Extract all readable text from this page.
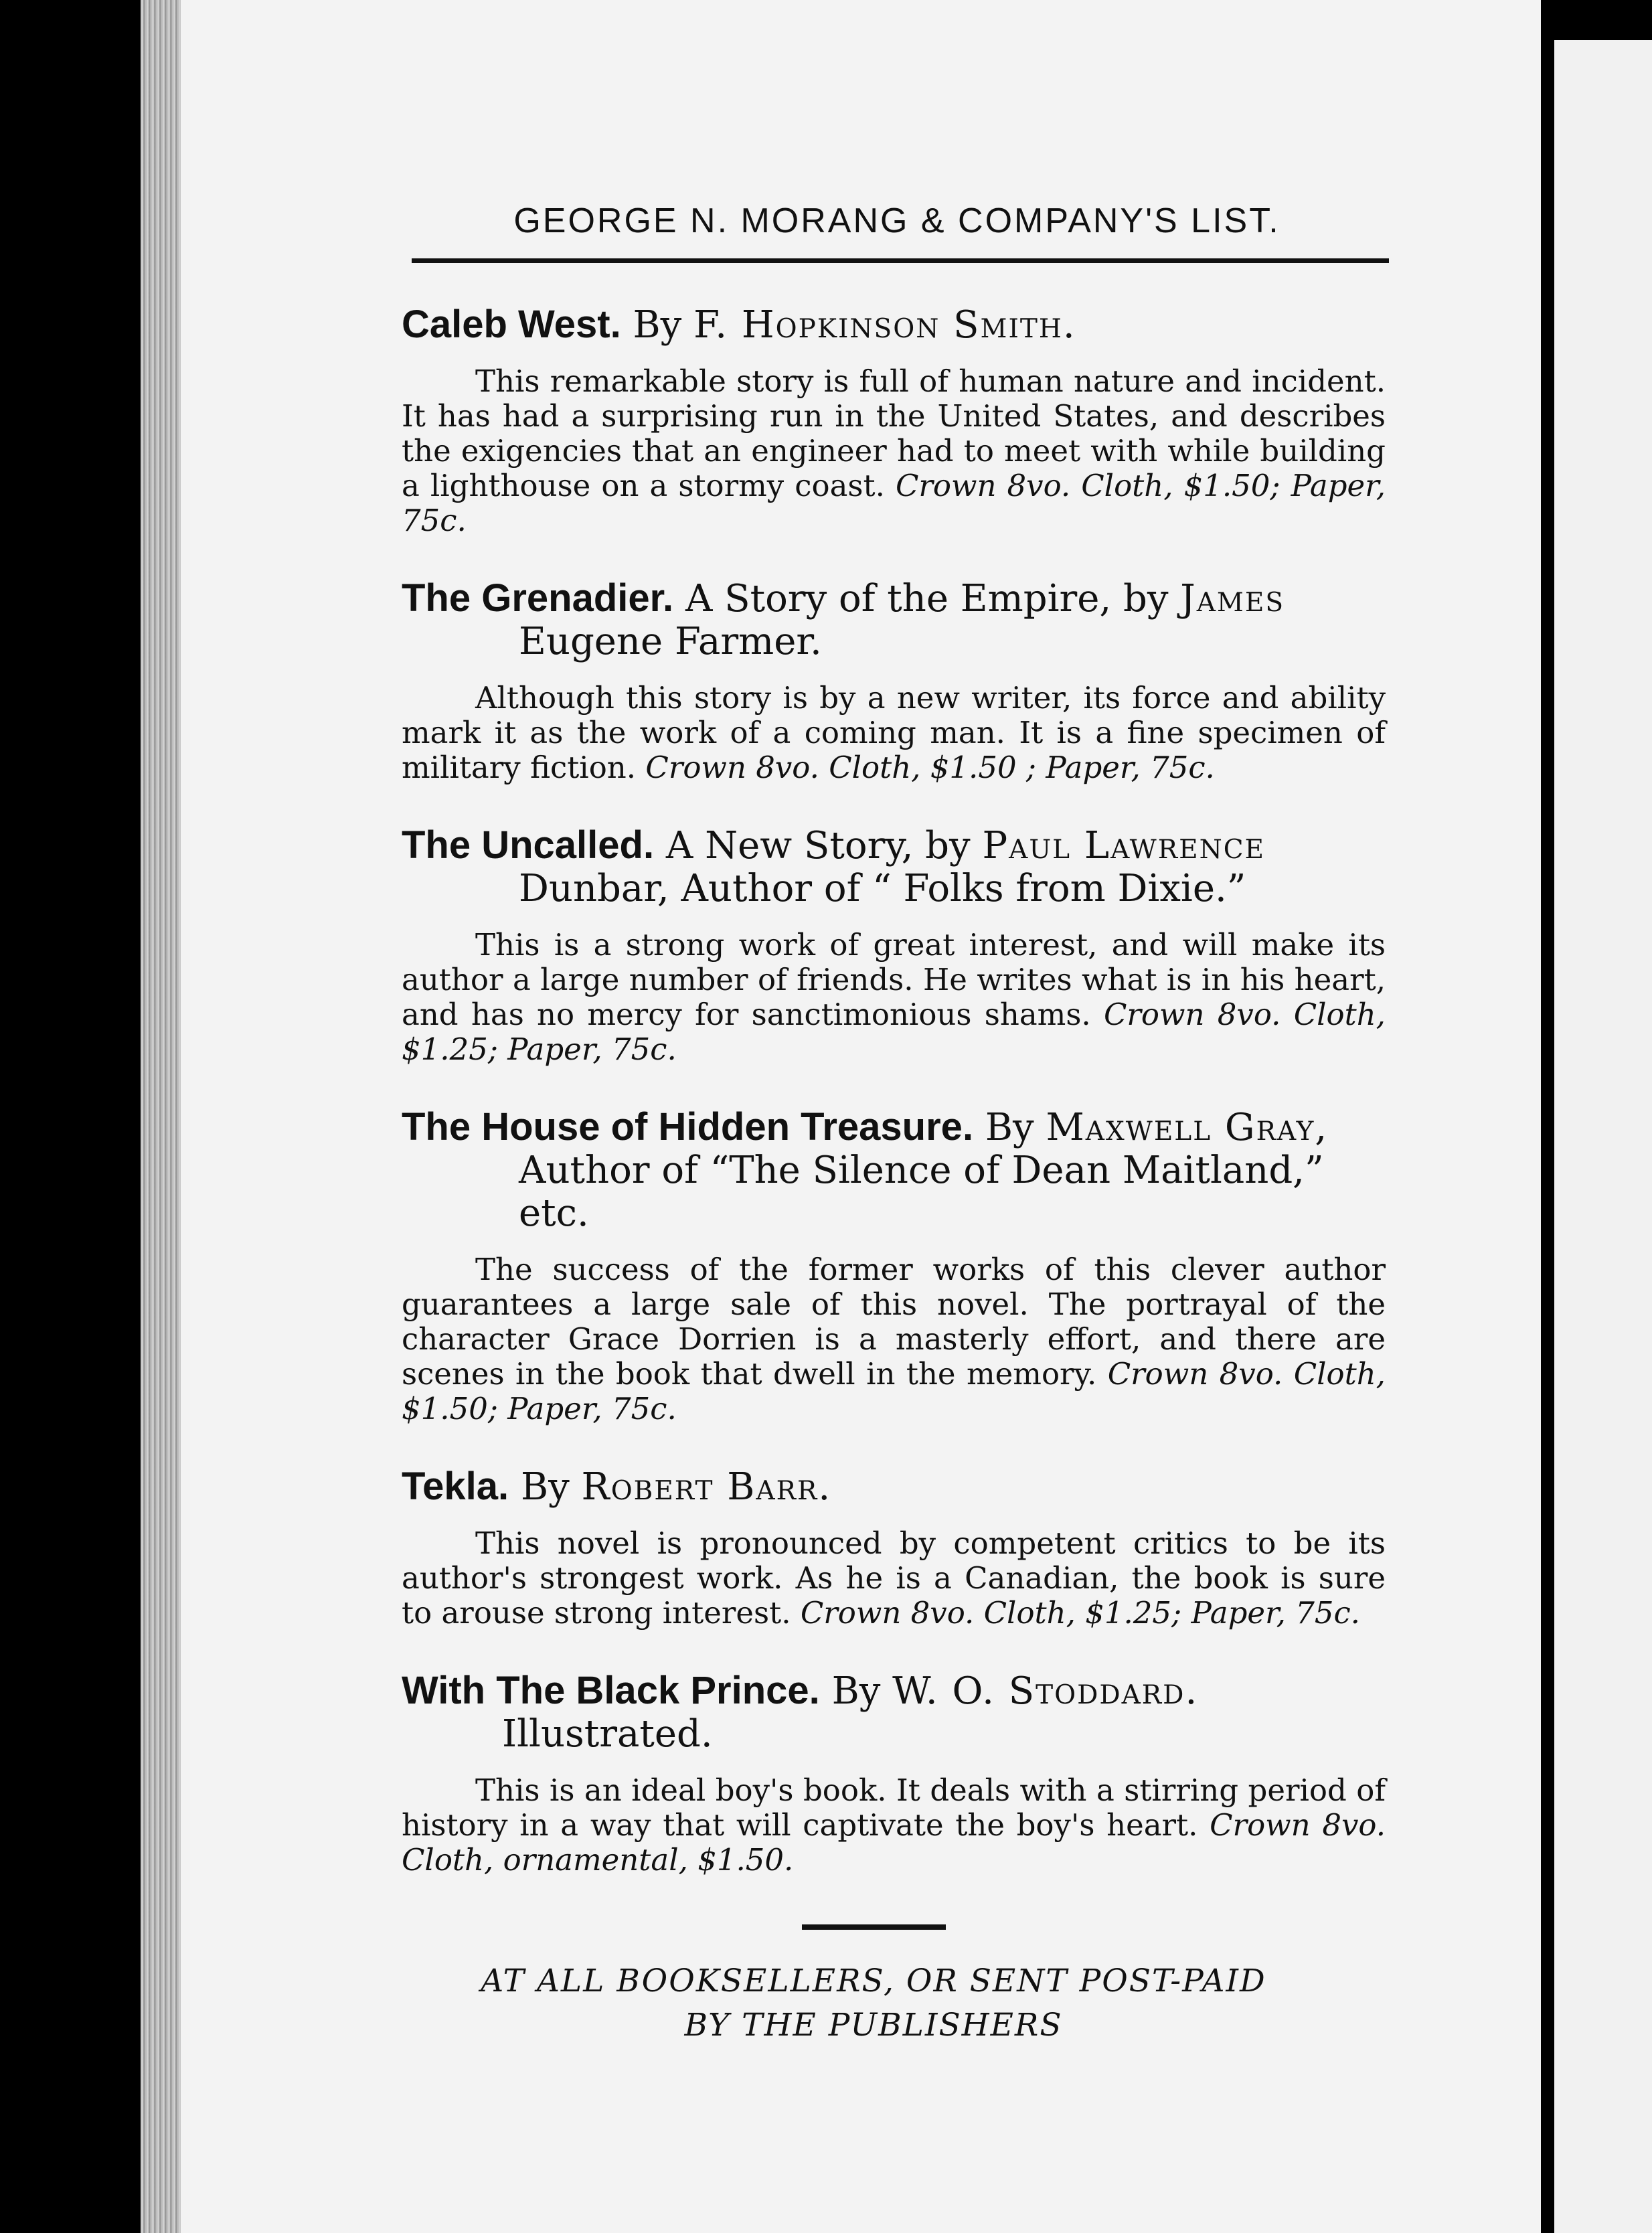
GEORGE N. MORANG & COMPANY'S LIST.
Caleb West. By F. Hopkinson Smith.
This remarkable story is full of human nature and incident. It has had a surprising run in the United States, and describes the exigencies that an engineer had to meet with while building a lighthouse on a stormy coast. Crown 8vo. Cloth, $1.50; Paper, 75c.
The Grenadier. A Story of the Empire, by James
Eugene Farmer.
Although this story is by a new writer, its force and ability mark it as the work of a coming man. It is a fine specimen of military fiction. Crown 8vo. Cloth, $1.50 ; Paper, 75c.
The Uncalled. A New Story, by Paul Lawrence
Dunbar, Author of “ Folks from Dixie.”
This is a strong work of great interest, and will make its author a large number of friends. He writes what is in his heart, and has no mercy for sanctimonious shams. Crown 8vo. Cloth, $1.25; Paper, 75c.
The House of Hidden Treasure. By Maxwell Gray,
Author of “The Silence of Dean Maitland,” etc.
The success of the former works of this clever author guarantees a large sale of this novel. The portrayal of the character Grace Dorrien is a masterly effort, and there are scenes in the book that dwell in the memory. Crown 8vo. Cloth, $1.50; Paper, 75c.
Tekla. By Robert Barr.
This novel is pronounced by competent critics to be its author's strongest work. As he is a Canadian, the book is sure to arouse strong interest. Crown 8vo. Cloth, $1.25; Paper, 75c.
With The Black Prince. By W. O. Stoddard.
Illustrated.
This is an ideal boy's book. It deals with a stirring period of history in a way that will captivate the boy's heart. Crown 8vo. Cloth, ornamental, $1.50.
AT ALL BOOKSELLERS, OR SENT POST-PAID
BY THE PUBLISHERS
